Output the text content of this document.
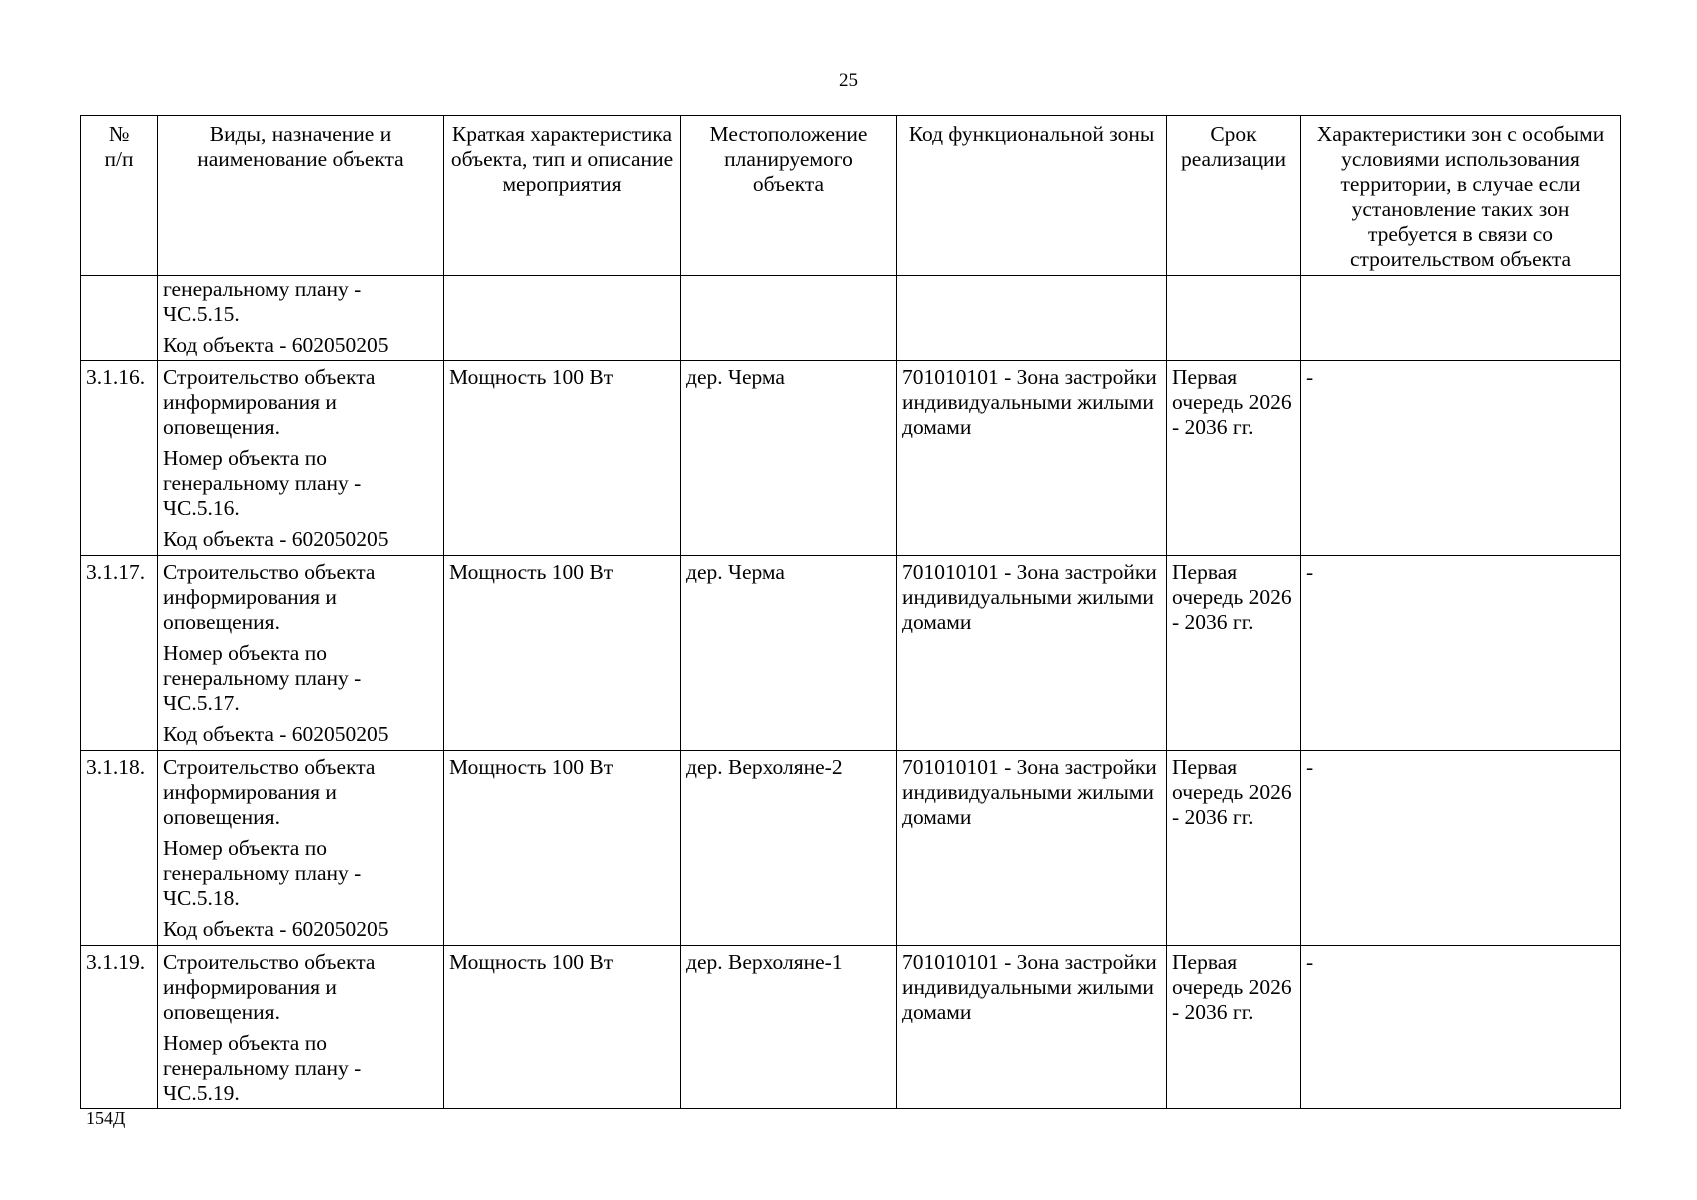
25
№
п/п	Виды, назначение и наименование объекта	Краткая характеристика объекта, тип и описание мероприятия	Местоположение планируемого объекта	Код функциональной зоны	Срок реализации	Характеристики зон с особыми условиями использования территории, в случае если установление таких зон требуется в связи со строительством объекта

	генеральному плану - ЧС.5.15.
Код объекта - 602050205					

3.1.16.	Строительство объекта информирования и оповещения.
Номер объекта по генеральному плану - ЧС.5.16.
Код объекта - 602050205	Мощность 100 Вт	дер. Черма	701010101 - Зона застройки индивидуальными жилыми домами	Первая очередь 2026 - 2036 гг.	-
3.1.17.	Строительство объекта информирования и оповещения.
Номер объекта по генеральному плану - ЧС.5.17.
Код объекта - 602050205	Мощность 100 Вт	дер. Черма	701010101 - Зона застройки индивидуальными жилыми домами	Первая очередь 2026 - 2036 гг.	-
3.1.18.	Строительство объекта информирования и оповещения.
Номер объекта по генеральному плану - ЧС.5.18.
Код объекта - 602050205	Мощность 100 Вт	дер. Верхоляне-2	701010101 - Зона застройки индивидуальными жилыми домами	Первая очередь 2026 - 2036 гг.	-
3.1.19.	Строительство объекта информирования и оповещения.
Номер объекта по генеральному плану - ЧС.5.19.	Мощность 100 Вт	дер. Верхоляне-1	701010101 - Зона застройки индивидуальными жилыми домами	Первая очередь 2026 - 2036 гг.	-
154Д
